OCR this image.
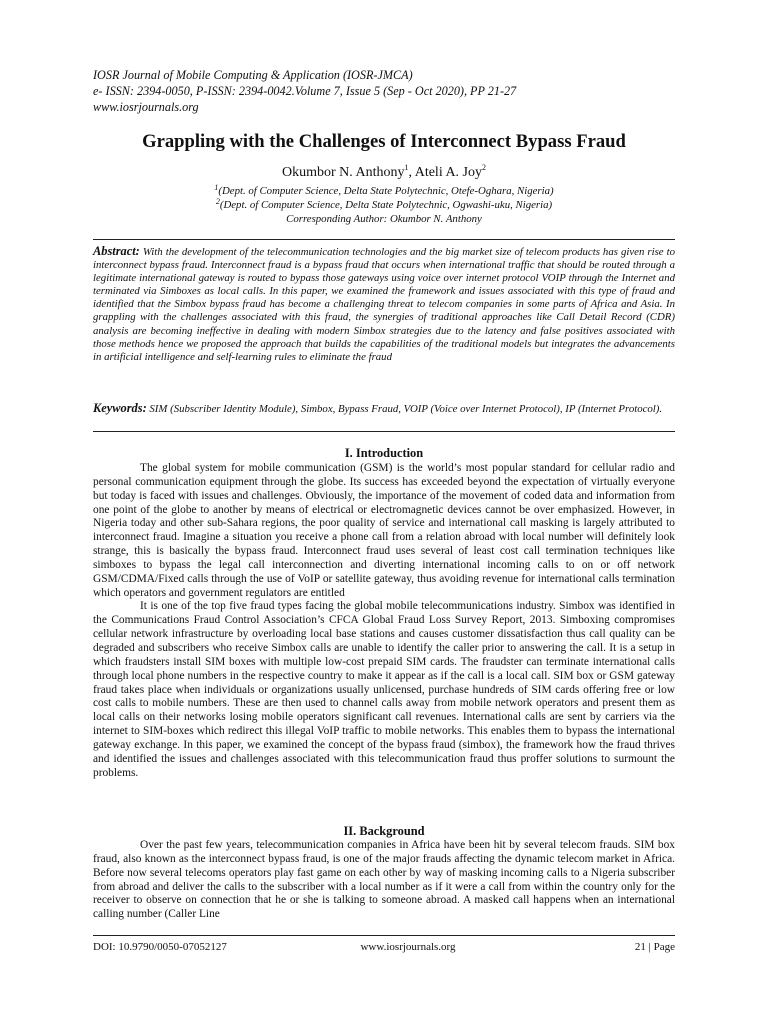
IOSR Journal of Mobile Computing & Application (IOSR-JMCA)
e- ISSN: 2394-0050, P-ISSN: 2394-0042.Volume 7, Issue 5 (Sep - Oct 2020), PP 21-27
www.iosrjournals.org
Grappling with the Challenges of Interconnect Bypass Fraud
Okumbor N. Anthony$^1$, Ateli A. Joy$^2$
$^1$(Dept. of Computer Science, Delta State Polytechnic, Otefe-Oghara, Nigeria)
$^2$(Dept. of Computer Science, Delta State Polytechnic, Ogwashi-uku, Nigeria)
Corresponding Author: Okumbor N. Anthony
Abstract: With the development of the telecommunication technologies and the big market size of telecom products has given rise to interconnect bypass fraud. Interconnect fraud is a bypass fraud that occurs when international traffic that should be routed through a legitimate international gateway is routed to bypass those gateways using voice over internet protocol VOIP through the Internet and terminated via Simboxes as local calls. In this paper, we examined the framework and issues associated with this type of fraud and identified that the Simbox bypass fraud has become a challenging threat to telecom companies in some parts of Africa and Asia. In grappling with the challenges associated with this fraud, the synergies of traditional approaches like Call Detail Record (CDR) analysis are becoming ineffective in dealing with modern Simbox strategies due to the latency and false positives associated with those methods hence we proposed the approach that builds the capabilities of the traditional models but integrates the advancements in artificial intelligence and self-learning rules to eliminate the fraud
Keywords: SIM (Subscriber Identity Module), Simbox, Bypass Fraud, VOIP (Voice over Internet Protocol), IP (Internet Protocol).
I. Introduction

The global system for mobile communication (GSM) is the world’s most popular standard for cellular radio and personal communication equipment through the globe. Its success has exceeded beyond the expectation of virtually everyone but today is faced with issues and challenges. Obviously, the importance of the movement of coded data and information from one point of the globe to another by means of electrical or electromagnetic devices cannot be over emphasized. However, in Nigeria today and other sub-Sahara regions, the poor quality of service and international call masking is largely attributed to interconnect fraud. Imagine a situation you receive a phone call from a relation abroad with local number will definitely look strange, this is basically the bypass fraud. Interconnect fraud uses several of least cost call termination techniques like simboxes to bypass the legal call interconnection and diverting international incoming calls to on or off network GSM/CDMA/Fixed calls through the use of VoIP or satellite gateway, thus avoiding revenue for international calls termination which operators and government regulators are entitled

It is one of the top five fraud types facing the global mobile telecommunications industry. Simbox was identified in the Communications Fraud Control Association’s CFCA Global Fraud Loss Survey Report, 2013. Simboxing compromises cellular network infrastructure by overloading local base stations and causes customer dissatisfaction thus call quality can be degraded and subscribers who receive Simbox calls are unable to identify the caller prior to answering the call. It is a setup in which fraudsters install SIM boxes with multiple low-cost prepaid SIM cards. The fraudster can terminate international calls through local phone numbers in the respective country to make it appear as if the call is a local call. SIM box or GSM gateway fraud takes place when individuals or organizations usually unlicensed, purchase hundreds of SIM cards offering free or low cost calls to mobile numbers. These are then used to channel calls away from mobile network operators and present them as local calls on their networks losing mobile operators significant call revenues. International calls are sent by carriers via the internet to SIM-boxes which redirect this illegal VoIP traffic to mobile networks. This enables them to bypass the international gateway exchange. In this paper, we examined the concept of the bypass fraud (simbox), the framework how the fraud thrives and identified the issues and challenges associated with this telecommunication fraud thus proffer solutions to surmount the problems.

II. Background

Over the past few years, telecommunication companies in Africa have been hit by several telecom frauds. SIM box fraud, also known as the interconnect bypass fraud, is one of the major frauds affecting the dynamic telecom market in Africa. Before now several telecoms operators play fast game on each other by way of masking incoming calls to a Nigeria subscriber from abroad and deliver the calls to the subscriber with a local number as if it were a call from within the country only for the receiver to observe on connection that he or she is talking to someone abroad. A masked call happens when an international calling number (Caller Line

DOI: 10.9790/0050-07052127	www.iosrjournals.org	21 | Page
